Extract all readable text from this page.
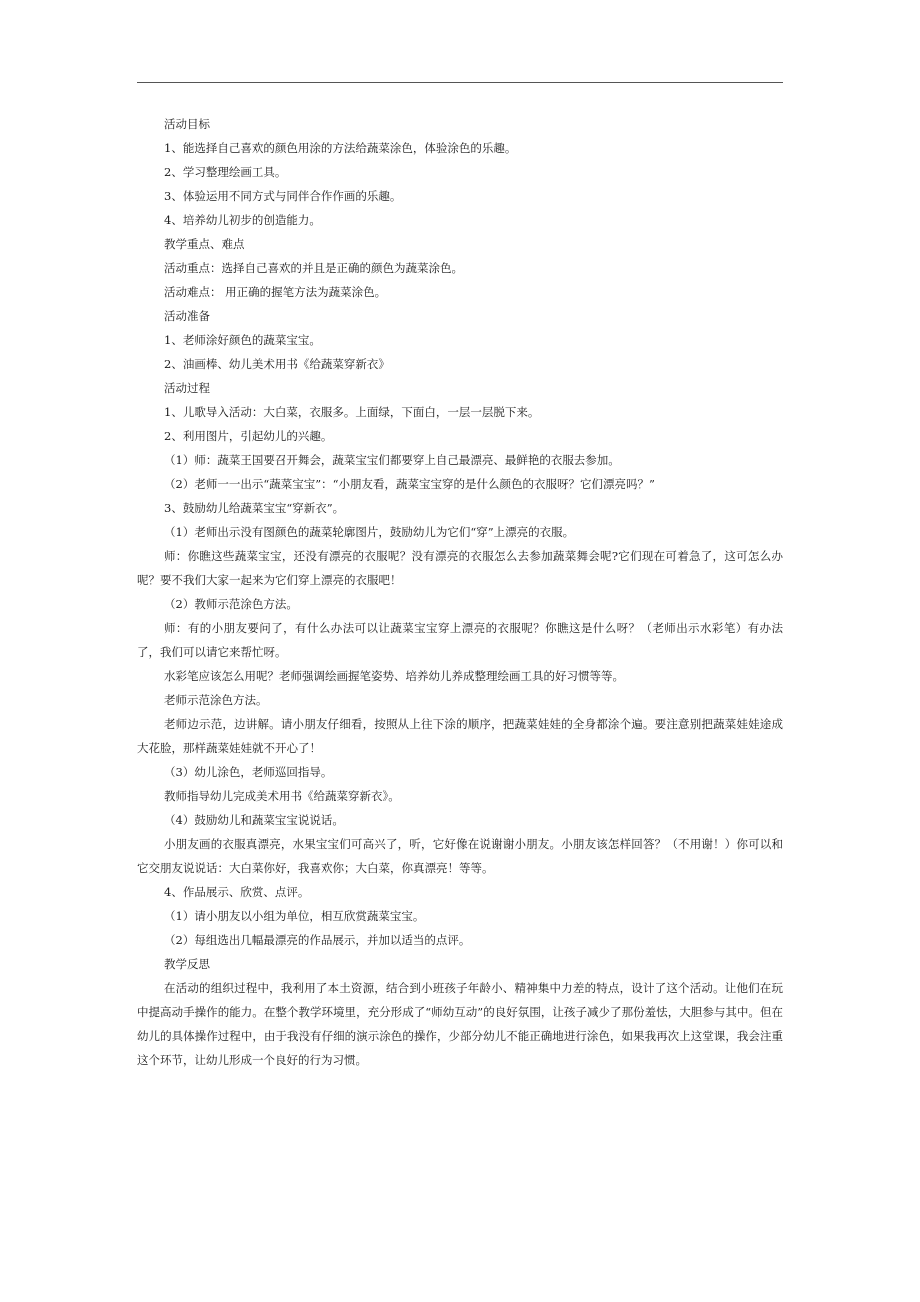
活动目标

1、能选择自己喜欢的颜色用涂的方法给蔬菜涂色，体验涂色的乐趣。

2、学习整理绘画工具。

3、体验运用不同方式与同伴合作作画的乐趣。

4、培养幼儿初步的创造能力。

教学重点、难点

活动重点：选择自己喜欢的并且是正确的颜色为蔬菜涂色。

活动难点： 用正确的握笔方法为蔬菜涂色。

活动准备

1、老师涂好颜色的蔬菜宝宝。

2、油画棒、幼儿美术用书《给蔬菜穿新衣》

活动过程

1、儿歌导入活动：大白菜，衣服多。上面绿，下面白，一层一层脱下来。

2、利用图片，引起幼儿的兴趣。

（1）师：蔬菜王国要召开舞会，蔬菜宝宝们都要穿上自己最漂亮、最鲜艳的衣服去参加。

（2）老师一一出示“蔬菜宝宝”：“小朋友看，蔬菜宝宝穿的是什么颜色的衣服呀？它们漂亮吗？”

3、鼓励幼儿给蔬菜宝宝“穿新衣”。

（1）老师出示没有图颜色的蔬菜轮廓图片，鼓励幼儿为它们“穿”上漂亮的衣服。

师：你瞧这些蔬菜宝宝，还没有漂亮的衣服呢？没有漂亮的衣服怎么去参加蔬菜舞会呢?它们现在可着急了，这可怎么办呢？要不我们大家一起来为它们穿上漂亮的衣服吧！

（2）教师示范涂色方法。

师：有的小朋友要问了，有什么办法可以让蔬菜宝宝穿上漂亮的衣服呢？你瞧这是什么呀？（老师出示水彩笔）有办法了，我们可以请它来帮忙呀。

水彩笔应该怎么用呢？老师强调绘画握笔姿势、培养幼儿养成整理绘画工具的好习惯等等。

老师示范涂色方法。

老师边示范，边讲解。请小朋友仔细看，按照从上往下涂的顺序，把蔬菜娃娃的全身都涂个遍。要注意别把蔬菜娃娃途成大花脸，那样蔬菜娃娃就不开心了！

（3）幼儿涂色，老师巡回指导。

教师指导幼儿完成美术用书《给蔬菜穿新衣》。

（4）鼓励幼儿和蔬菜宝宝说说话。

小朋友画的衣服真漂亮，水果宝宝们可高兴了，听，它好像在说谢谢小朋友。小朋友该怎样回答？（不用谢！）你可以和它交朋友说说话：大白菜你好，我喜欢你；大白菜，你真漂亮！等等。

4、作品展示、欣赏、点评。

（1）请小朋友以小组为单位，相互欣赏蔬菜宝宝。

（2）每组选出几幅最漂亮的作品展示，并加以适当的点评。

教学反思

在活动的组织过程中，我利用了本土资源，结合到小班孩子年龄小、精神集中力差的特点，设计了这个活动。让他们在玩中提高动手操作的能力。在整个教学环境里，充分形成了“师幼互动”的良好氛围，让孩子减少了那份羞怯，大胆参与其中。但在幼儿的具体操作过程中，由于我没有仔细的演示涂色的操作，少部分幼儿不能正确地进行涂色，如果我再次上这堂课，我会注重这个环节，让幼儿形成一个良好的行为习惯。
